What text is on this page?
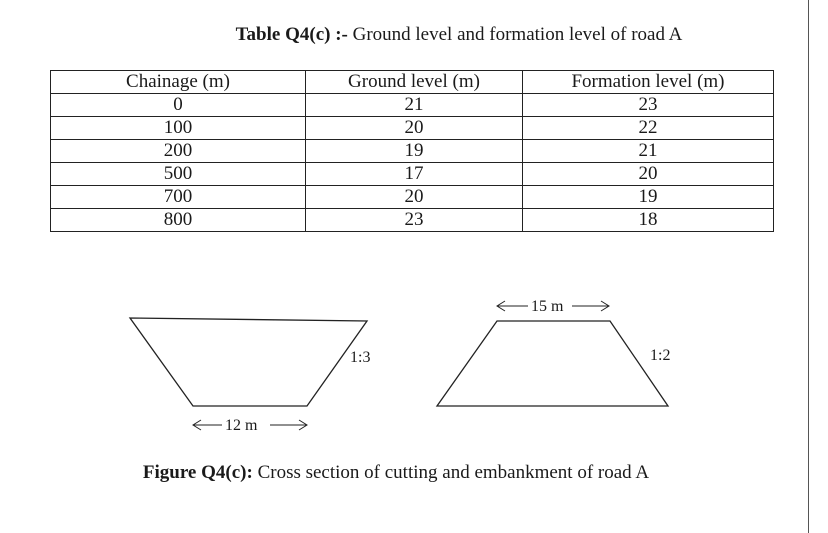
Table Q4(c) :- Ground level and formation level of road A
Chainage (m)	Ground level (m)	Formation level (m)
0	21	23
100	20	22
200	19	21
500	17	20
700	20	19
800	23	18
1:3
12 m
1:2
15 m
Figure Q4(c): Cross section of cutting and embankment of road A
